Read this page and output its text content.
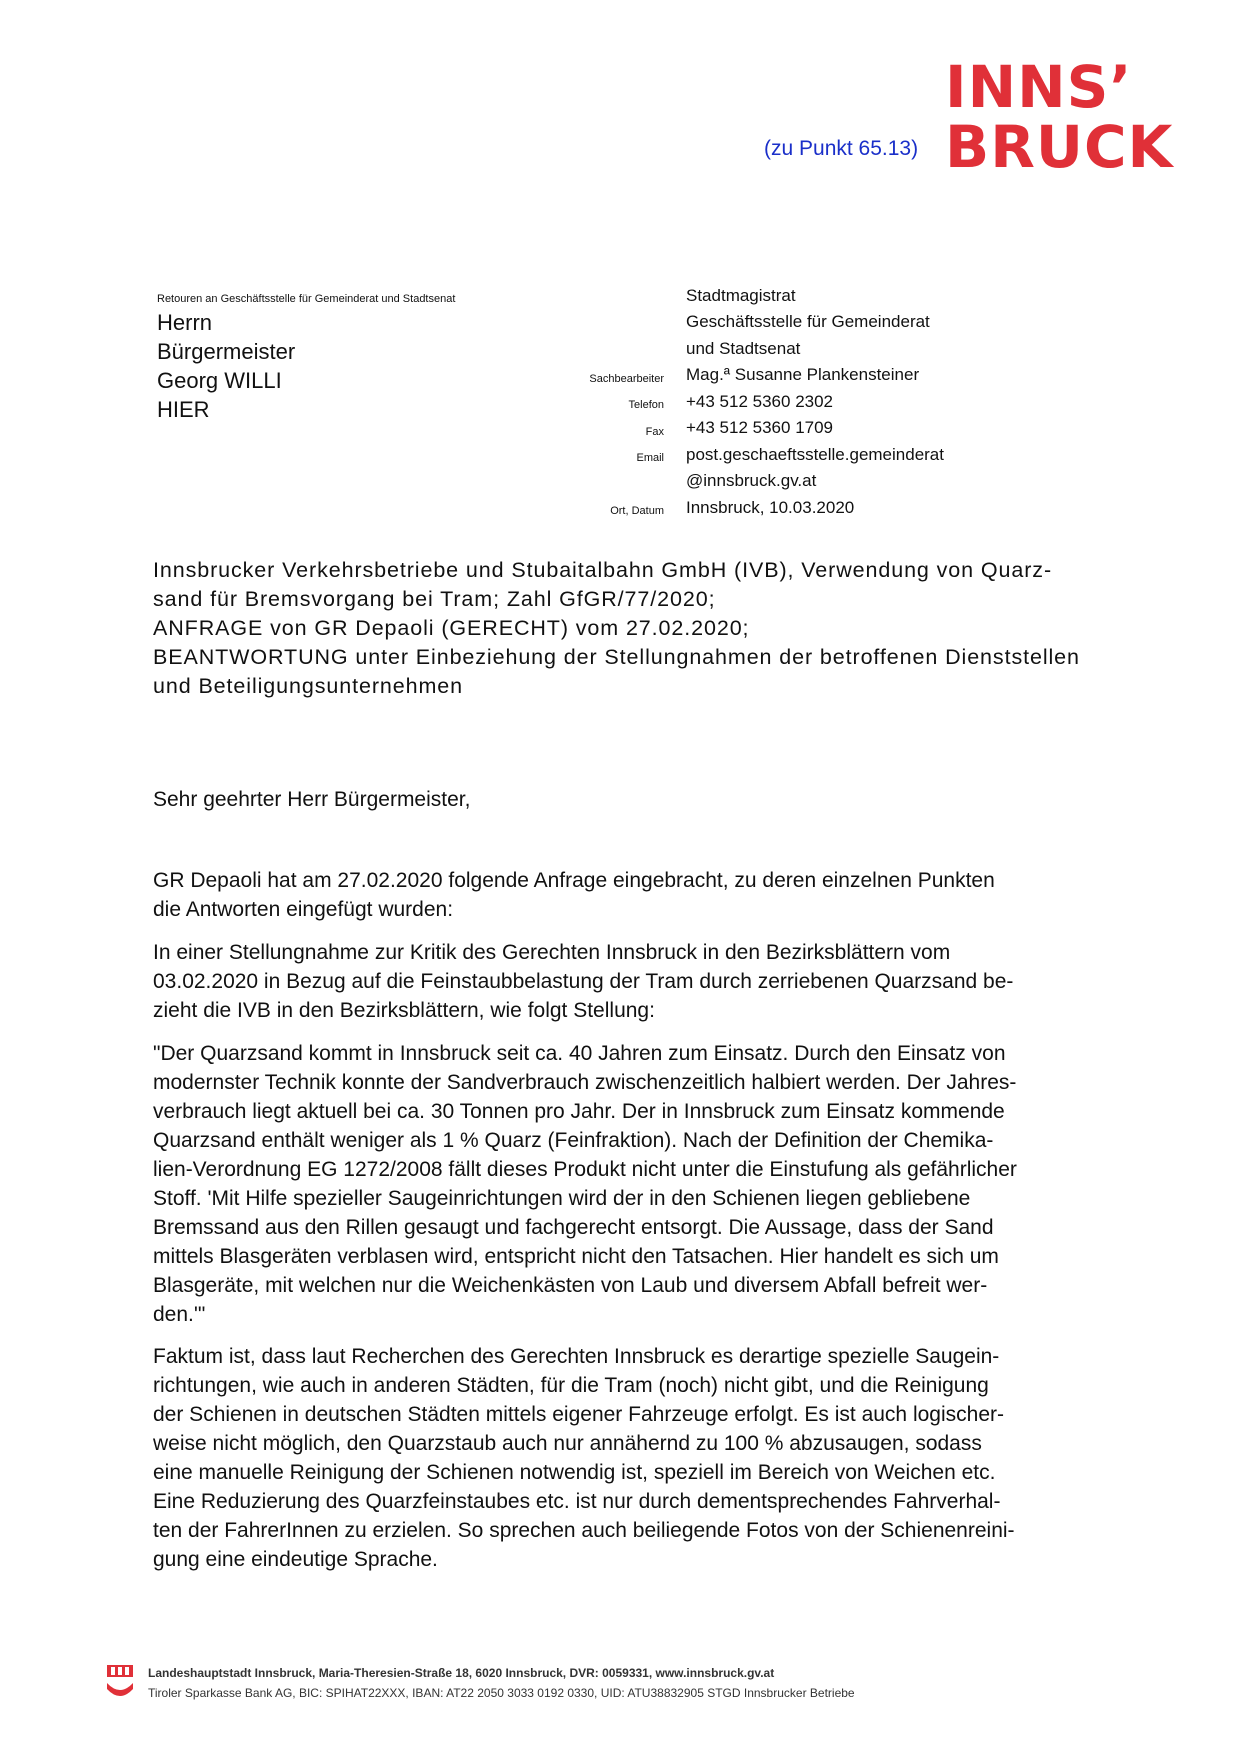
(zu Punkt 65.13)
INNS’
BRUCK
Retouren an Geschäftsstelle für Gemeinderat und Stadtsenat
Herrn
Bürgermeister
Georg WILLI
HIER
Stadtmagistrat
Geschäftsstelle für Gemeinderat
und Stadtsenat
Sachbearbeiter Mag.ª Susanne Plankensteiner
Telefon +43 512 5360 2302
Fax +43 512 5360 1709
Email post.geschaeftsstelle.gemeinderat
@innsbruck.gv.at
Ort, Datum Innsbruck, 10.03.2020
Innsbrucker Verkehrsbetriebe und Stubaitalbahn GmbH (IVB), Verwendung von Quarz-
sand für Bremsvorgang bei Tram; Zahl GfGR/77/2020;
ANFRAGE von GR Depaoli (GERECHT) vom 27.02.2020;
BEANTWORTUNG unter Einbeziehung der Stellungnahmen der betroffenen Dienststellen
und Beteiligungsunternehmen
Sehr geehrter Herr Bürgermeister,
GR Depaoli hat am 27.02.2020 folgende Anfrage eingebracht, zu deren einzelnen Punkten
die Antworten eingefügt wurden:
In einer Stellungnahme zur Kritik des Gerechten Innsbruck in den Bezirksblättern vom
03.02.2020 in Bezug auf die Feinstaubbelastung der Tram durch zerriebenen Quarzsand be-
zieht die IVB in den Bezirksblättern, wie folgt Stellung:
"Der Quarzsand kommt in Innsbruck seit ca. 40 Jahren zum Einsatz. Durch den Einsatz von
modernster Technik konnte der Sandverbrauch zwischenzeitlich halbiert werden. Der Jahres-
verbrauch liegt aktuell bei ca. 30 Tonnen pro Jahr. Der in Innsbruck zum Einsatz kommende
Quarzsand enthält weniger als 1 % Quarz (Feinfraktion). Nach der Definition der Chemika-
lien-Verordnung EG 1272/2008 fällt dieses Produkt nicht unter die Einstufung als gefährlicher
Stoff. 'Mit Hilfe spezieller Saugeinrichtungen wird der in den Schienen liegen gebliebene
Bremssand aus den Rillen gesaugt und fachgerecht entsorgt. Die Aussage, dass der Sand
mittels Blasgeräten verblasen wird, entspricht nicht den Tatsachen. Hier handelt es sich um
Blasgeräte, mit welchen nur die Weichenkästen von Laub und diversem Abfall befreit wer-
den.'"
Faktum ist, dass laut Recherchen des Gerechten Innsbruck es derartige spezielle Saugein-
richtungen, wie auch in anderen Städten, für die Tram (noch) nicht gibt, und die Reinigung
der Schienen in deutschen Städten mittels eigener Fahrzeuge erfolgt. Es ist auch logischer-
weise nicht möglich, den Quarzstaub auch nur annähernd zu 100 % abzusaugen, sodass
eine manuelle Reinigung der Schienen notwendig ist, speziell im Bereich von Weichen etc.
Eine Reduzierung des Quarzfeinstaubes etc. ist nur durch dementsprechendes Fahrverhal-
ten der FahrerInnen zu erzielen. So sprechen auch beiliegende Fotos von der Schienenreini-
gung eine eindeutige Sprache.
Landeshauptstadt Innsbruck, Maria-Theresien-Straße 18, 6020 Innsbruck, DVR: 0059331, www.innsbruck.gv.at
Tiroler Sparkasse Bank AG, BIC: SPIHAT22XXX, IBAN: AT22 2050 3033 0192 0330, UID: ATU38832905 STGD Innsbrucker Betriebe
